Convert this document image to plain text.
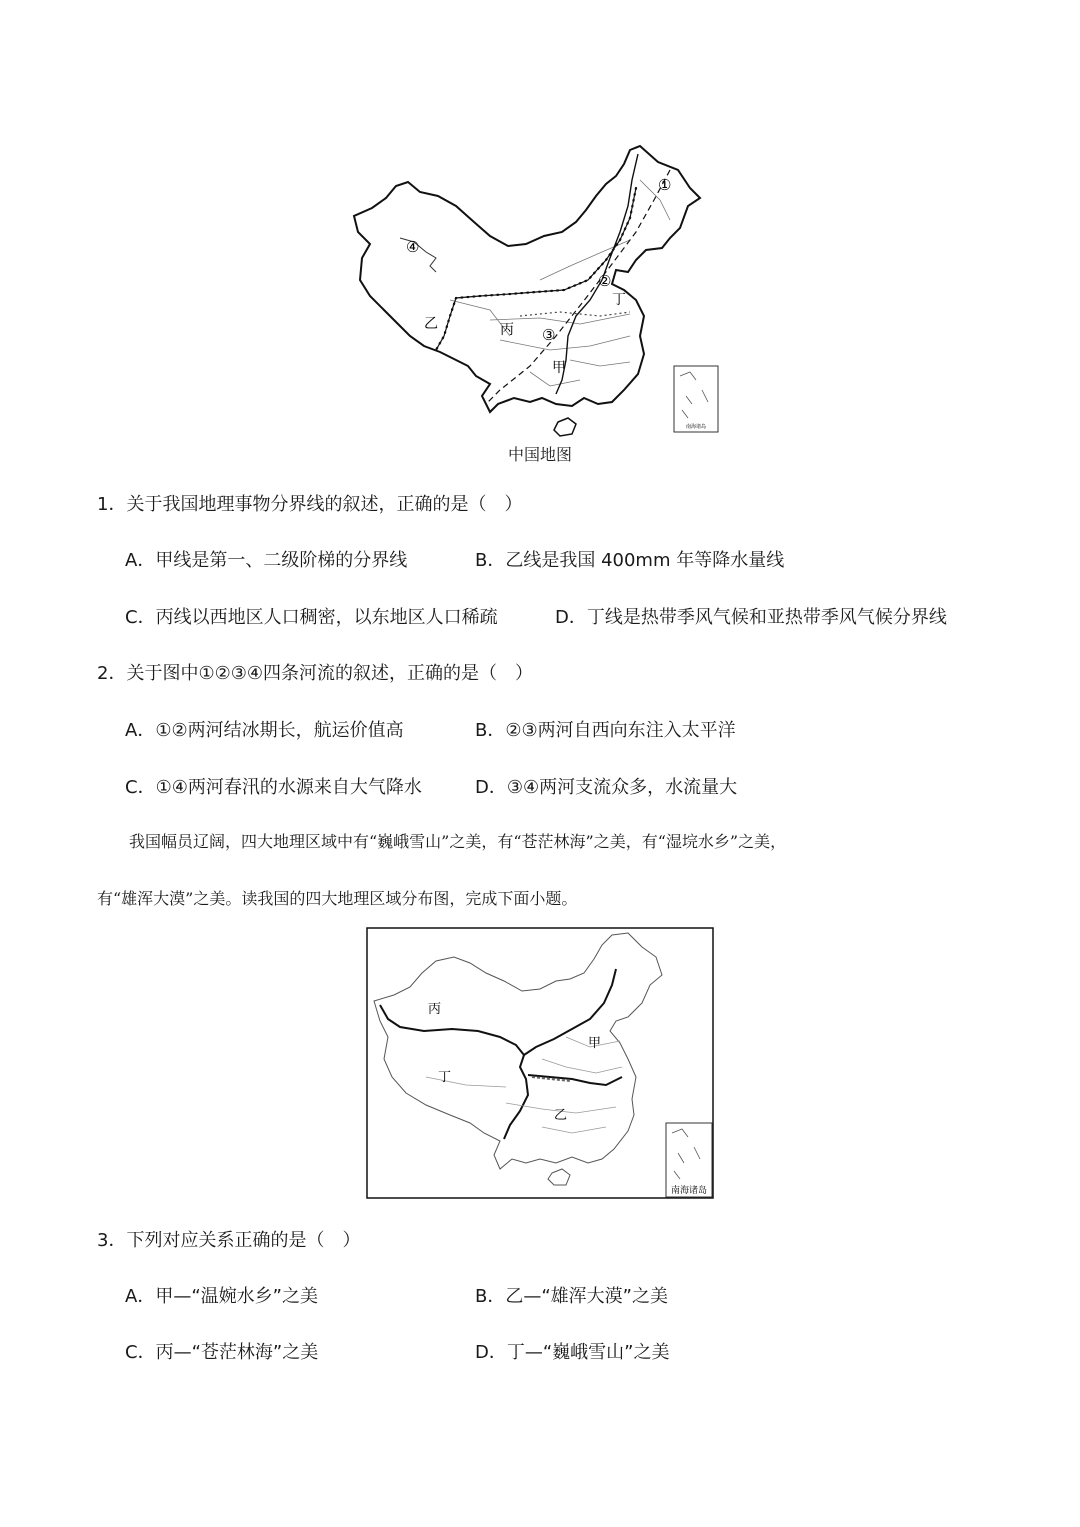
甲
乙	丙
丁
①
②
③
④
南海诸岛
中国地图
1．关于我国地理事物分界线的叙述，正确的是（　）
A．甲线是第一、二级阶梯的分界线	B．乙线是我国 400mm 年等降水量线
C．丙线以西地区人口稠密，以东地区人口稀疏	D．丁线是热带季风气候和亚热带季风气候分界线
2．关于图中①②③④四条河流的叙述，正确的是（　）
A．①②两河结冰期长，航运价值高	B．②③两河自西向东注入太平洋
C．①④两河春汛的水源来自大气降水	D．③④两河支流众多，水流量大
　　我国幅员辽阔，四大地理区域中有“巍峨雪山”之美，有“苍茫林海”之美，有“湿垸水乡”之美，
有“雄浑大漠”之美。读我国的四大地理区域分布图，完成下面小题。
甲
乙
丙
丁
南海诸岛
3．下列对应关系正确的是（　）
A．甲—“温婉水乡”之美	B．乙—“雄浑大漠”之美
C．丙—“苍茫林海”之美	D．丁—“巍峨雪山”之美
